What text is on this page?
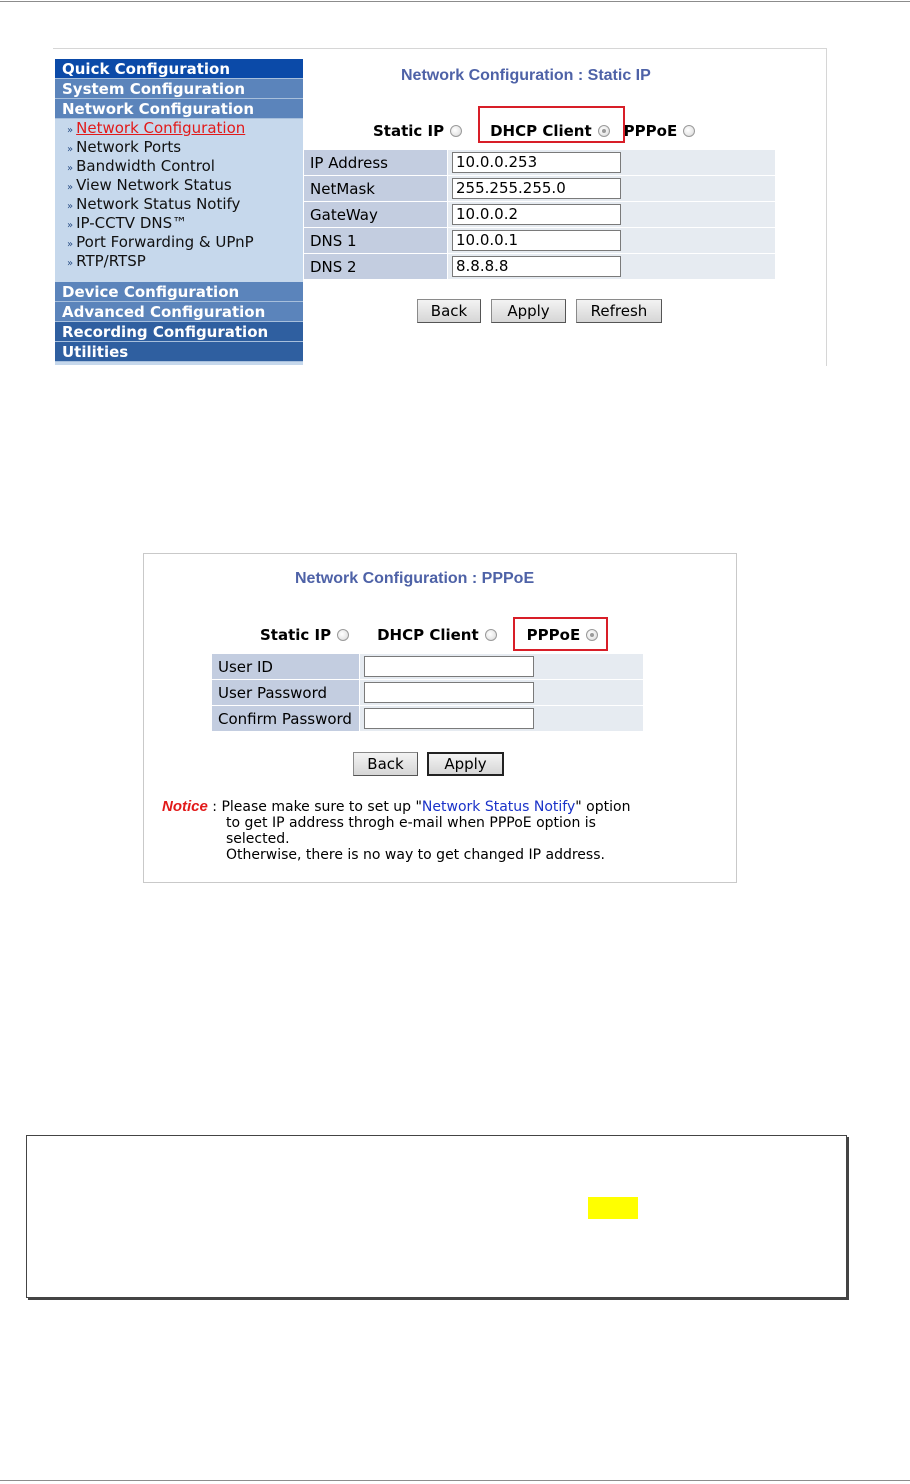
Quick Configuration
System Configuration
Network Configuration
» Network Configuration
» Network Ports
» Bandwidth Control
» View Network Status
» Network Status Notify
» IP-CCTV DNS™
» Port Forwarding & UPnP
» RTP/RTSP
Device Configuration
Advanced Configuration
Recording Configuration
Utilities
Network Configuration : Static IP
Static IP	DHCP Client PPPoE
IP Address	10.0.0.253
NetMask	255.255.255.0
GateWay	10.0.0.2
DNS 1	10.0.0.1
DNS 2	8.8.8.8
Back	Apply	Refresh
Network Configuration : PPPoE
Static IP	DHCP Client	PPPoE
User ID	
User Password	
Confirm Password	
Back	Apply
Notice : Please make sure to set up "Network Status Notify" option
to get IP address throgh e-mail when PPPoE option is
selected.
Otherwise, there is no way to get changed IP address.
